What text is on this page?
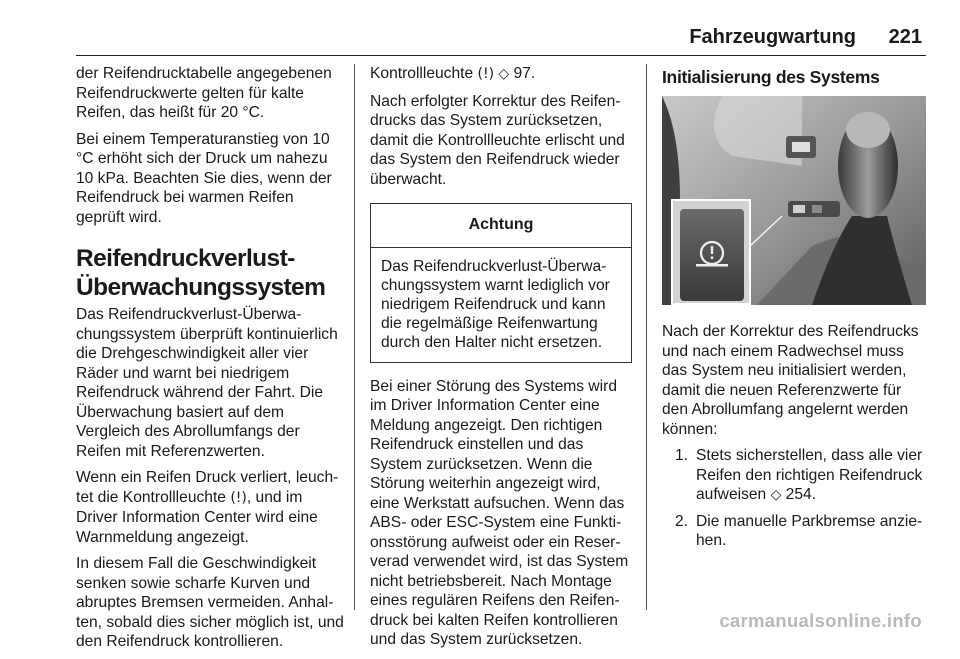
Fahrzeugwartung 221

der Reifendrucktabelle angegebenen Reifendruckwerte gelten für kalte Reifen, das heißt für 20 °C.

Bei einem Temperaturanstieg von 10 °C erhöht sich der Druck um nahezu 10 kPa. Beachten Sie dies, wenn der Reifendruck bei warmen Reifen geprüft wird.

Reifendruckverlust-Überwachungssystem

Das Reifendruckverlust-Überwachungssystem überprüft kontinuierlich die Drehgeschwindigkeit aller vier Räder und warnt bei niedrigem Reifendruck während der Fahrt. Die Überwachung basiert auf dem Vergleich des Abrollumfangs der Reifen mit Referenzwerten.

Wenn ein Reifen Druck verliert, leuchtet die Kontrollleuchte (!), und im Driver Information Center wird eine Warnmeldung angezeigt.

In diesem Fall die Geschwindigkeit senken sowie scharfe Kurven und abruptes Bremsen vermeiden. Anhalten, sobald dies sicher möglich ist, und den Reifendruck kontrollieren.

Kontrollleuchte (!) ◇ 97.

Nach erfolgter Korrektur des Reifendrucks das System zurücksetzen, damit die Kontrollleuchte erlischt und das System den Reifendruck wieder überwacht.

Achtung
Das Reifendruckverlust-Überwachungssystem warnt lediglich vor niedrigem Reifendruck und kann die regelmäßige Reifenwartung durch den Halter nicht ersetzen.

Bei einer Störung des Systems wird im Driver Information Center eine Meldung angezeigt. Den richtigen Reifendruck einstellen und das System zurücksetzen. Wenn die Störung weiterhin angezeigt wird, eine Werkstatt aufsuchen. Wenn das ABS- oder ESC-System eine Funktionsstörung aufweist oder ein Reserverad verwendet wird, ist das System nicht betriebsbereit. Nach Montage eines regulären Reifens den Reifendruck bei kalten Reifen kontrollieren und das System zurücksetzen.

Initialisierung des Systems

Nach der Korrektur des Reifendrucks und nach einem Radwechsel muss das System neu initialisiert werden, damit die neuen Referenzwerte für den Abrollumfang angelernt werden können:

1. Stets sicherstellen, dass alle vier Reifen den richtigen Reifendruck aufweisen ◇ 254.
2. Die manuelle Parkbremse anziehen.
carmanualsonline.info
